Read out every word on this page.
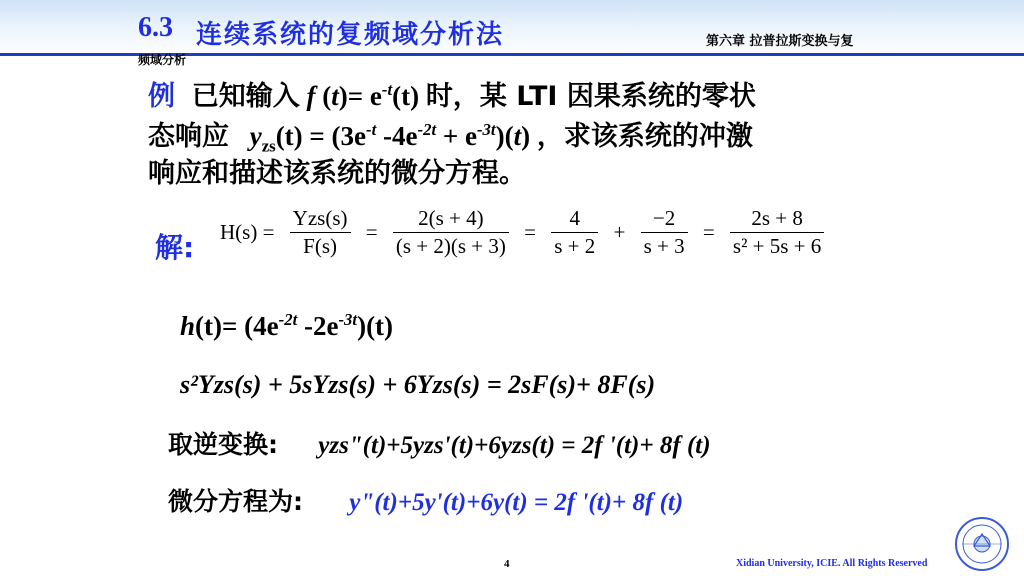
6.3 连续系统的复频域分析法	第六章 拉普拉斯变换与复
频域分析
例 已知输入 f $(t)= e^{-t}(t)$ 时，某 LTI 因果系统的零状
态响应 $y_{zs}(t) = (3e^{-t}$ $-4e^{-2t} + e^{-3t})(t)$ ，求该系统的冲激
响应和描述该系统的微分方程。
解: $H(s) = \frac{\text{Yzs(s)}}{F(s)} = \frac{2(s + 4)}{(s + 2)(s + 3)} = \frac{4}{s + 2} + \frac{-2}{s + 3} = \frac{2s + 8}{\text{s² + 5s + 6}}$
$h(t)= (4e^{-2t}$ $-2e^{-3t})(t)$
s²Yzs(s) + 5sYzs(s) + 6Yzs(s) = 2sF(s)+ 8F(s)
取逆变换: yzs"(t)+5yzs'(t)+6yzs(t) = 2f '(t)+ 8f (t)
微分方程为: y"(t)+5y'(t)+6y(t) = 2f '(t)+ 8f (t)
4	Xidian University, ICIE. All Rights Reserved
